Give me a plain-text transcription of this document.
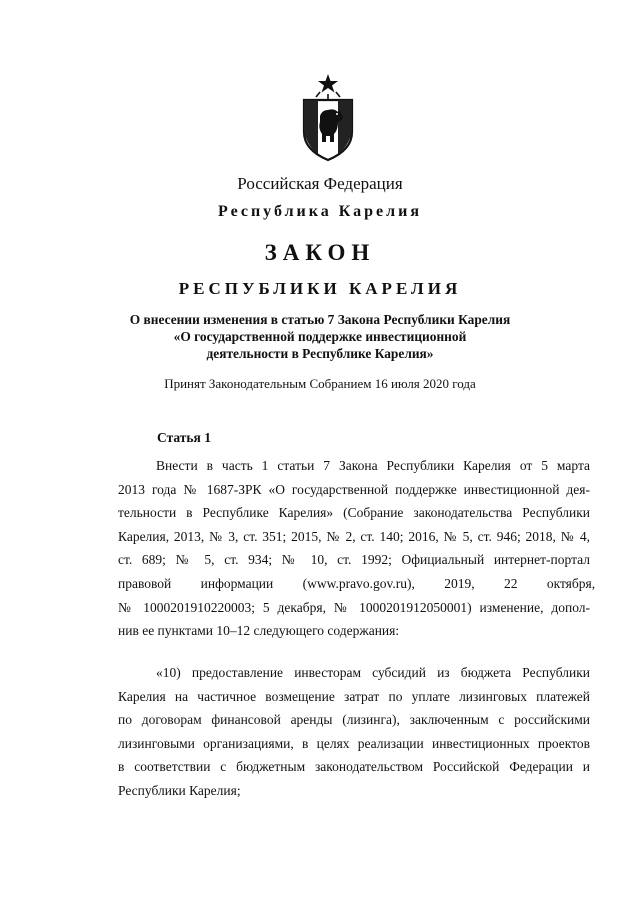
Российская Федерация
Республика Карелия
ЗАКОН
РЕСПУБЛИКИ КАРЕЛИЯ
О внесении изменения в статью 7 Закона Республики Карелия
«О государственной поддержке инвестиционной
деятельности в Республике Карелия»
Принят Законодательным Собранием 16 июля 2020 года
Статья 1
Внести в часть 1 статьи 7 Закона Республики Карелия от 5 марта
2013 года № 1687-ЗРК «О государственной поддержке инвестиционной дея-
тельности в Республике Карелия» (Собрание законодательства Республики
Карелия, 2013, № 3, ст. 351; 2015, № 2, ст. 140; 2016, № 5, ст. 946; 2018, № 4,
ст. 689; № 5, ст. 934; № 10, ст. 1992; Официальный интернет-портал
правовой информации (www.pravo.gov.ru), 2019, 22 октября,
№ 1000201910220003; 5 декабря, № 1000201912050001) изменение, допол-
нив ее пунктами 10–12 следующего содержания:
«10) предоставление инвесторам субсидий из бюджета Республики
Карелия на частичное возмещение затрат по уплате лизинговых платежей
по договорам финансовой аренды (лизинга), заключенным с российскими
лизинговыми организациями, в целях реализации инвестиционных проектов
в соответствии с бюджетным законодательством Российской Федерации и
Республики Карелия;
